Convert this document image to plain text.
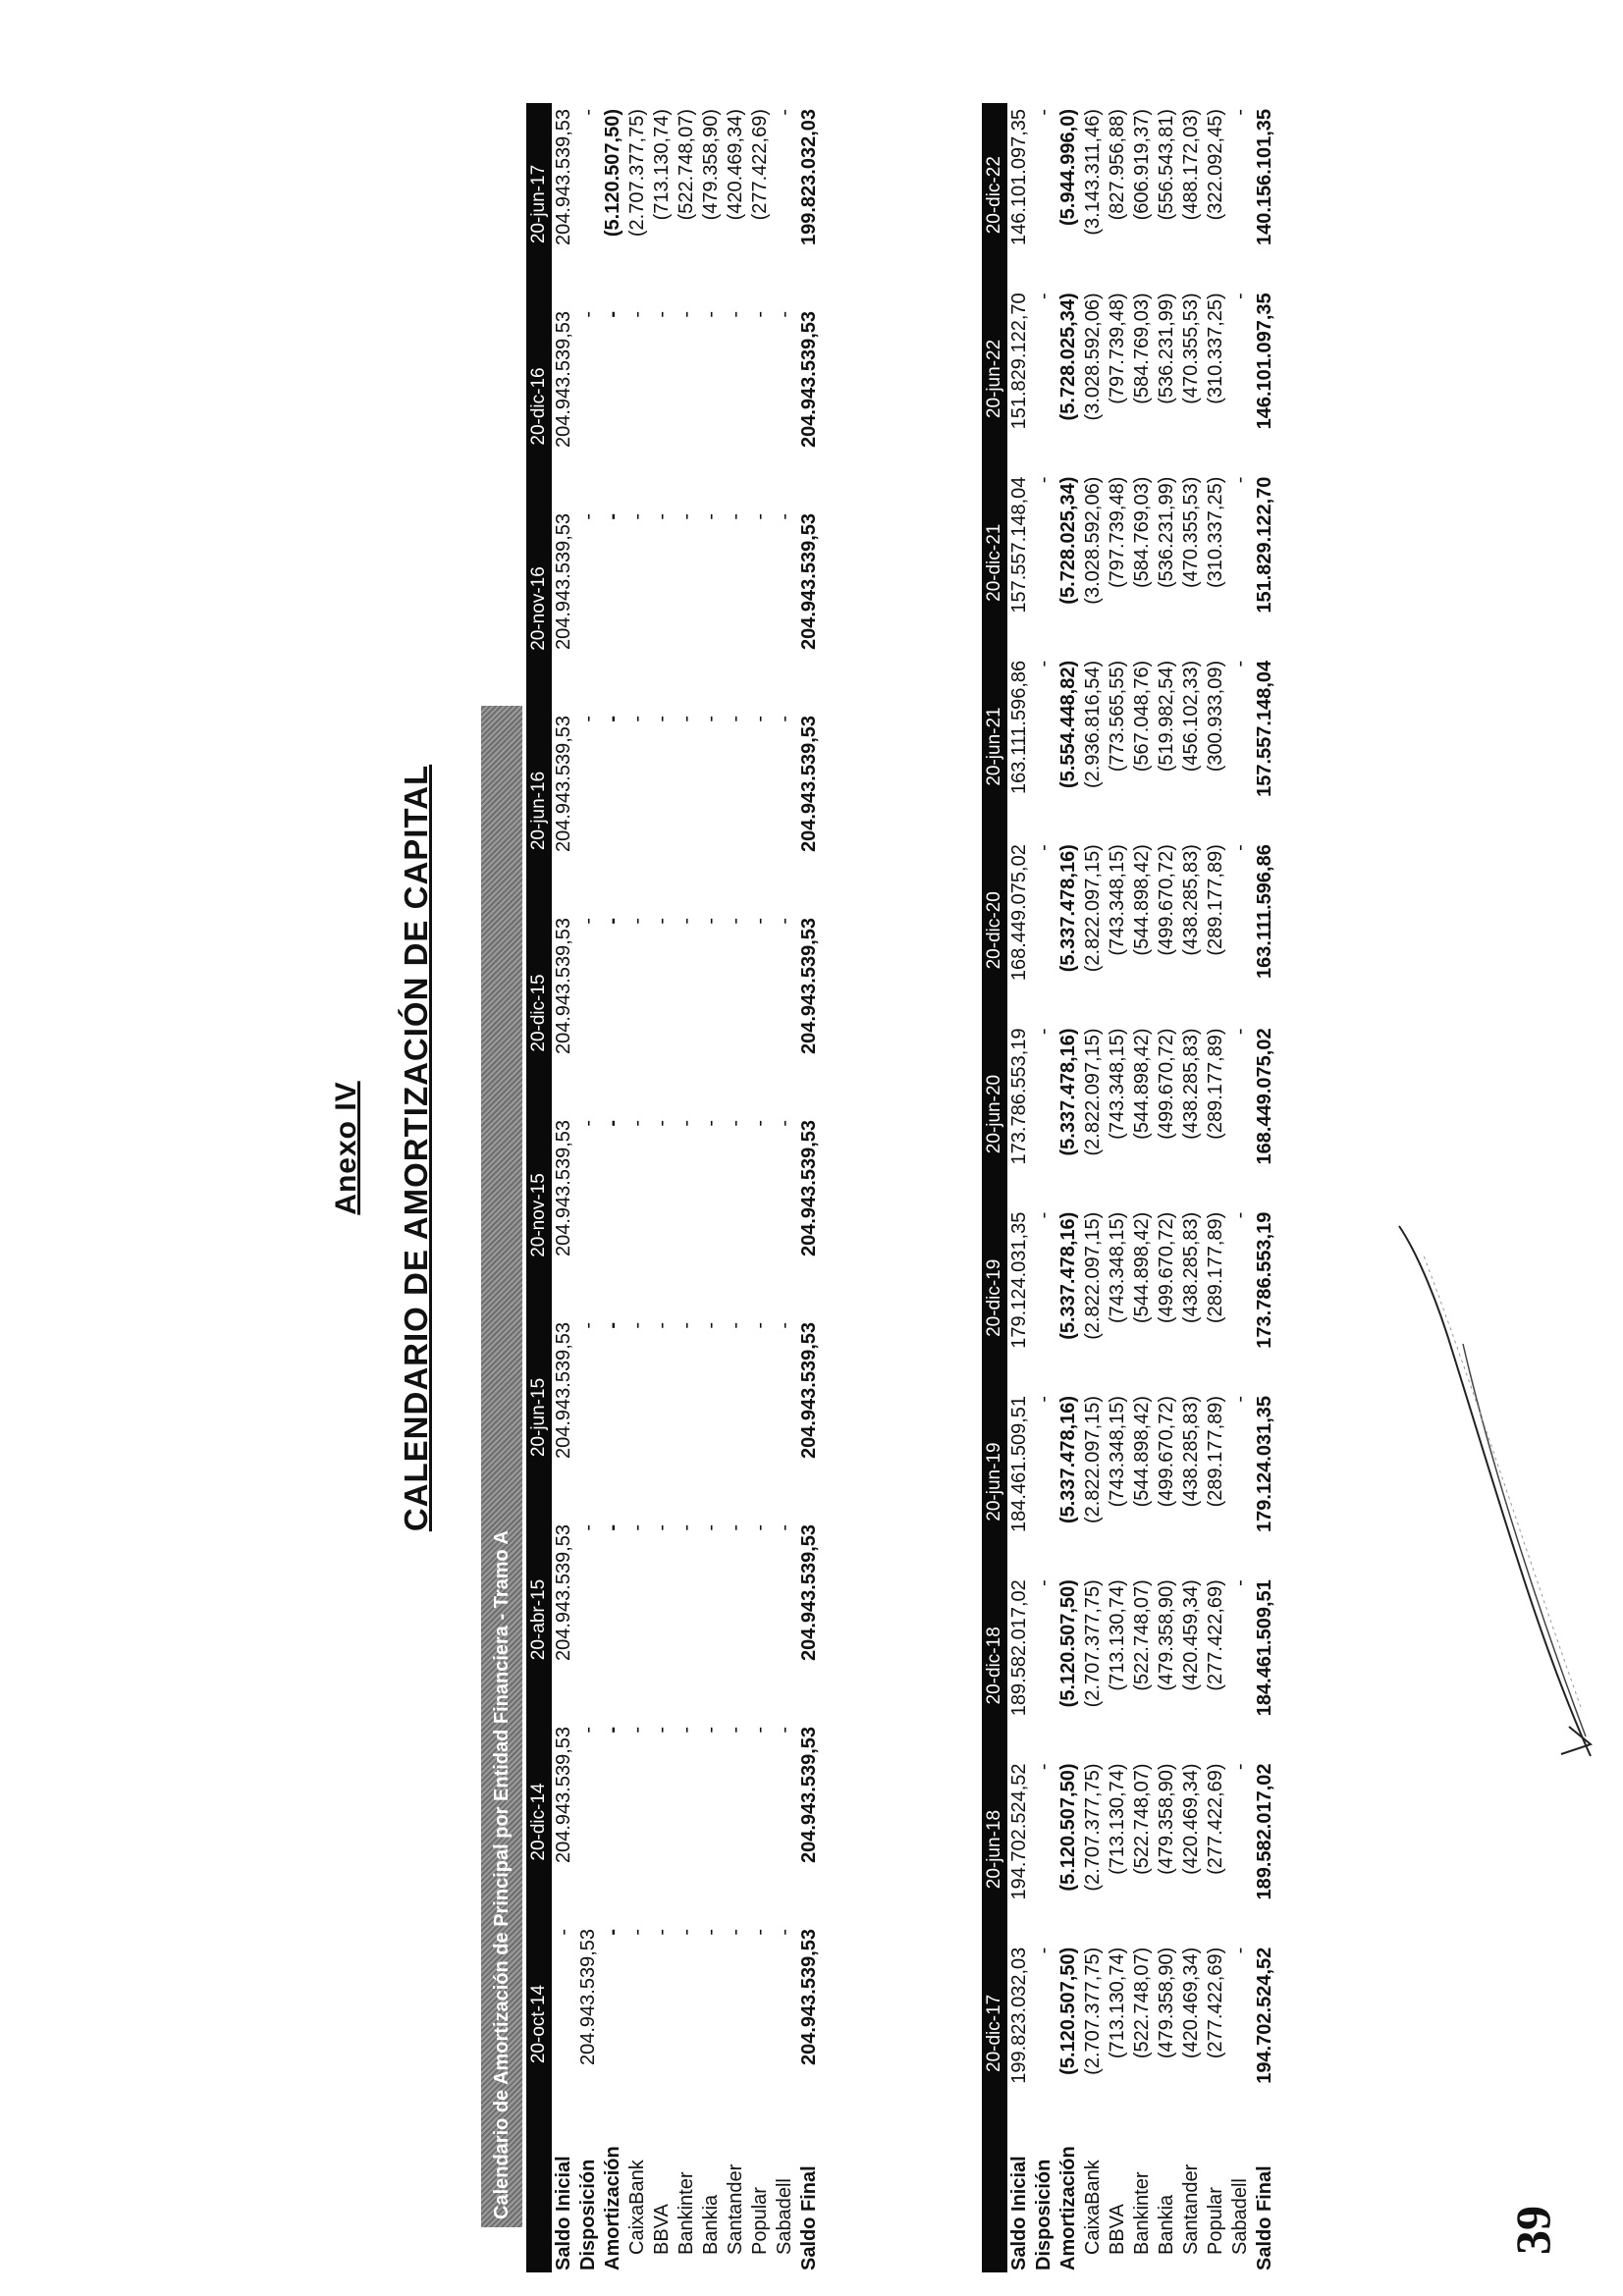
Anexo IV CALENDARIO DE AMORTIZACIÓN DE CAPITAL
Calendario de Amortización de Principal por Entidad Financiera - Tramo A
	20-oct-14	20-dic-14	20-abr-15	20-jun-15	20-nov-15	20-dic-15	20-jun-16	20-nov-16	20-dic-16	20-jun-17
Saldo Inicial	-	204.943.539,53	204.943.539,53	204.943.539,53	204.943.539,53	204.943.539,53	204.943.539,53	204.943.539,53	204.943.539,53	204.943.539,53
Disposición	204.943.539,53	-	-	-	-	-	-	-	-	-
Amortización	-	-	-	-	-	-	-	-	-	(5.120.507,50)
CaixaBank	-	-	-	-	-	-	-	-	-	(2.707.377,75)
BBVA	-	-	-	-	-	-	-	-	-	(713.130,74)
Bankinter	-	-	-	-	-	-	-	-	-	(522.748,07)
Bankia	-	-	-	-	-	-	-	-	-	(479.358,90)
Santander	-	-	-	-	-	-	-	-	-	(420.469,34)
Popular	-	-	-	-	-	-	-	-	-	(277.422,69)
Sabadell	-	-	-	-	-	-	-	-	-	-
Saldo Final	204.943.539,53	204.943.539,53	204.943.539,53	204.943.539,53	204.943.539,53	204.943.539,53	204.943.539,53	204.943.539,53	204.943.539,53	199.823.032,03
	20-dic-17	20-jun-18	20-dic-18	20-jun-19	20-dic-19	20-jun-20	20-dic-20	20-jun-21	20-dic-21	20-jun-22	20-dic-22
Saldo Inicial	199.823.032,03	194.702.524,52	189.582.017,02	184.461.509,51	179.124.031,35	173.786.553,19	168.449.075,02	163.111.596,86	157.557.148,04	151.829.122,70	146.101.097,35
Disposición	-	-	-	-	-	-	-	-	-	-	-
Amortización	(5.120.507,50)	(5.120.507,50)	(5.120.507,50)	(5.337.478,16)	(5.337.478,16)	(5.337.478,16)	(5.337.478,16)	(5.554.448,82)	(5.728.025,34)	(5.728.025,34)	(5.944.996,0)
CaixaBank	(2.707.377,75)	(2.707.377,75)	(2.707.377,75)	(2.822.097,15)	(2.822.097,15)	(2.822.097,15)	(2.822.097,15)	(2.936.816,54)	(3.028.592,06)	(3.028.592,06)	(3.143.311,46)
BBVA	(713.130,74)	(713.130,74)	(713.130,74)	(743.348,15)	(743.348,15)	(743.348,15)	(743.348,15)	(773.565,55)	(797.739,48)	(797.739,48)	(827.956,88)
Bankinter	(522.748,07)	(522.748,07)	(522.748,07)	(544.898,42)	(544.898,42)	(544.898,42)	(544.898,42)	(567.048,76)	(584.769,03)	(584.769,03)	(606.919,37)
Bankia	(479.358,90)	(479.358,90)	(479.358,90)	(499.670,72)	(499.670,72)	(499.670,72)	(499.670,72)	(519.982,54)	(536.231,99)	(536.231,99)	(556.543,81)
Santander	(420.469,34)	(420.469,34)	(420.459,34)	(438.285,83)	(438.285,83)	(438.285,83)	(438.285,83)	(456.102,33)	(470.355,53)	(470.355,53)	(488.172,03)
Popular	(277.422,69)	(277.422,69)	(277.422,69)	(289.177,89)	(289.177,89)	(289.177,89)	(289.177,89)	(300.933,09)	(310.337,25)	(310.337,25)	(322.092,45)
Sabadell	-	-	-	-	-	-	-	-	-	-	-
Saldo Final	194.702.524,52	189.582.017,02	184.461.509,51	179.124.031,35	173.786.553,19	168.449.075,02	163.111.596,86	157.557.148,04	151.829.122,70	146.101.097,35	140.156.101,35
39
